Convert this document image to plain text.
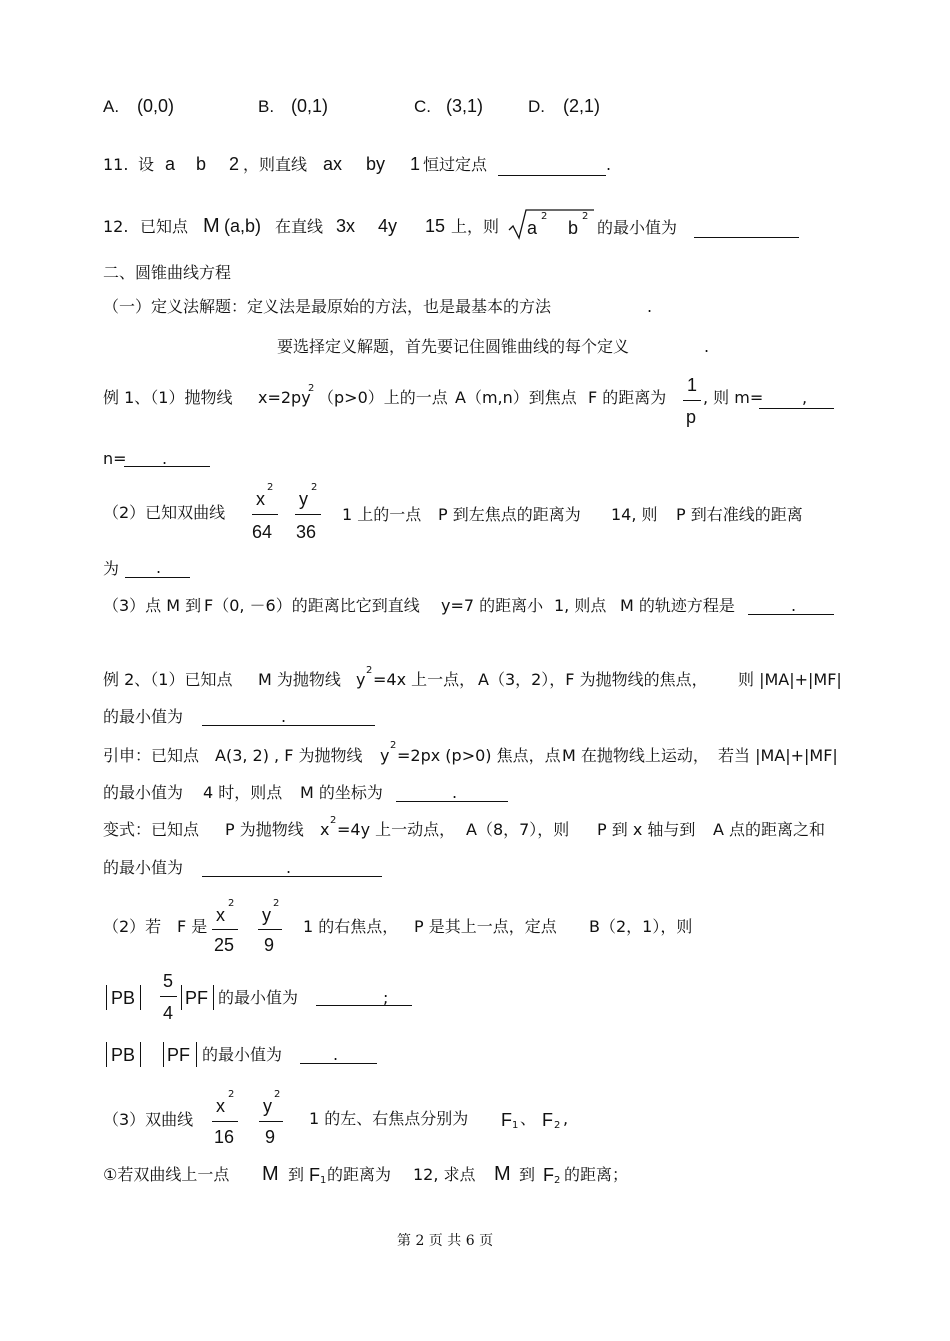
A. (0,0)	B. (0,1)	C. (3,1)	D. (2,1)
11. 设 a b 2 ，则直线 ax by 1 恒过定点	.
12. 已知点 M (a,b) 在直线 3x 4y 15 上，则 a
2
b
2
的最小值为
二、圆锥曲线方程
（一）定义法解题：定义法是最原始的方法，也是最基本的方法	.
要选择定义解题，首先要记住圆锥曲线的每个定义	.
例 1、（1）抛物线 x=2py
2 （p>0）上的一点 A（m,n）到焦点 F 的距离为
1
p
, 则 m= ,
n= .
（2）已知双曲线
x
2
64
y
2
36
1 上的一点 P 到左焦点的距离为 14, 则 P 到右准线的距离
为 .
（3）点 M 到 F（0, －6）的距离比它到直线 y=7 的距离小 1, 则点 M 的轨迹方程是	.
例 2、（1）已知点 M 为抛物线 y 2 =4x 上一点， A（3，2），F 为抛物线的焦点， 则 |MA|+|MF|
的最小值为	.
引申：已知点 A(3, 2) , F 为抛物线 y
2
=2px (p>0) 焦点，点 M 在抛物线上运动， 若当 |MA|+|MF|
的最小值为 4 时，则点 M 的坐标为	.
变式：已知点 P 为抛物线 x 2 =4y 上一动点， A（8，7），则 P 到 x 轴与到 A 点的距离之和
的最小值为	.
（2）若 F 是
x
2
25
y
2
9
1 的右焦点， P 是其上一点，定点 B（2，1），则
PB
5
4
PF 的最小值为	;
PB PF 的最小值为	.
（3）双曲线
x
2
16
y
2
9
1 的左、右焦点分别为 F 1 、 F 2 ,
①若双曲线上一点 M 到 F 1 的距离为 12, 求点 M 到 F 2 的距离；
第 2 页 共 6 页
